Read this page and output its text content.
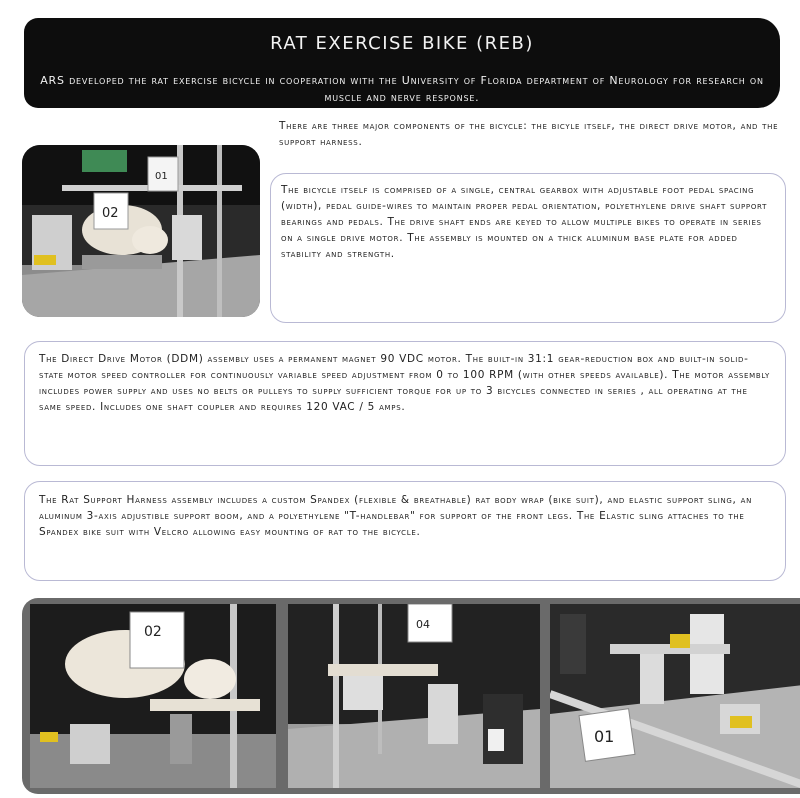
RAT EXERCISE BIKE (REB)
ARS developed the rat exercise bicycle in cooperation with the University of Florida department of Neurology for research on muscle and nerve response.
There are three major components of the bicycle: the bicyle itself, the direct drive motor, and the support harness.
02
01
The bicycle itself is comprised of a single, central gearbox with adjustable foot pedal spacing (width), pedal guide-wires to maintain proper pedal orientation, polyethylene drive shaft support bearings and pedals. The drive shaft ends are keyed to allow multiple bikes to operate in series on a single drive motor. The assembly is mounted on a thick aluminum base plate for added stability and strength.
The Direct Drive Motor (DDM) assembly uses a permanent magnet 90 VDC motor. The built-in 31:1 gear-reduction box and built-in solid-state motor speed controller for continuously variable speed adjustment from 0 to 100 RPM (with other speeds available). The motor assembly includes power supply and uses no belts or pulleys to supply sufficient torque for up to 3 bicycles connected in series , all operating at the same speed. Includes one shaft coupler and requires 120 VAC / 5 amps.
The Rat Support Harness assembly includes a custom Spandex (flexible & breathable) rat body wrap (bike suit), and elastic support sling, an aluminum 3-axis adjustible support boom, and a polyethylene "T-handlebar" for support of the front legs. The Elastic sling attaches to the Spandex bike suit with Velcro allowing easy mounting of rat to the bicycle.
02	04
01
